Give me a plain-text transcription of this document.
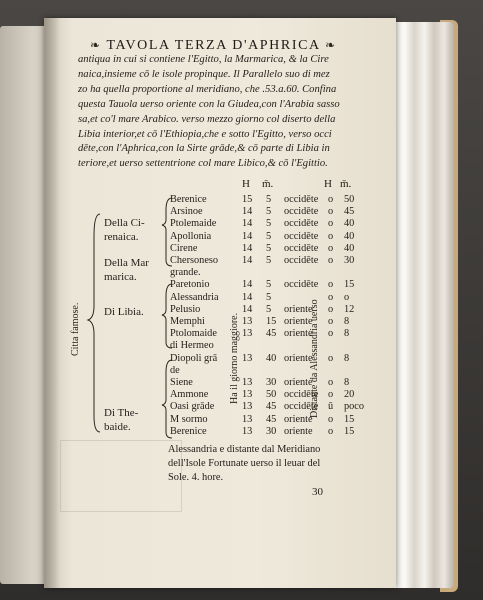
❧ TAVOLA TERZA D'APHRICA ❧
antiqua in cui si contiene l'Egitto, la Marmarica, & la Cire
naica,insieme cō le isole propinque. Il Parallelo suo di mez
zo ha quella proportione al meridiano, che .53.a.60. Confina
questa Tauola uerso oriente con la Giudea,con l'Arabia sasso
sa,et co'l mare Arabico. verso mezzo giorno col diserto della
Libia interior,et cō l'Ethiopia,che e sotto l'Egitto, verso occi
dēte,con l'Aphrica,con la Sirte grāde,& cō parte di Libia in
teriore,et uerso settentrione col mare Libico,& cō l'Egittio.
H m̄.	H m̄.
Berenice	15 5 occidēte o 50
Arsinoe	14 5 occidēte o 45
Ptolemaide 14 5 occidēte o 40
Apollonia	14 5 occidēte o 40
Cirene	14 5 occidēte o 40
Chersoneso 14 5 occidēte o 30
grande.
Paretonio	14 5 occidēte o 15
Alessandria 14 5	o o
Pelusio	14 5 oriente o 12
Memphi	13 15 oriente o 8
Ptolomaide 13 45 oriente o 8
di Hermeo
Diopoli grā 13 40 oriente o 8
de
Siene	13 30 oriente o 8
Ammone	13 50 occidēte o 20
Oasi grāde	13 45 occidēte ū poco
M sormo	13 45 oriente o 15
Berenice	13 30 oriente o 15
Della Ci-
renaica.
Della Mar
marica.
Di Libia.
Di The-
baide.
Citta famose.	Ha il giorno maggiore.	Distante da Alessandria uerso
Alessandria e distante dal Meridiano
dell'Isole Fortunate uerso il leuar del
Sole. 4. hore.
30
